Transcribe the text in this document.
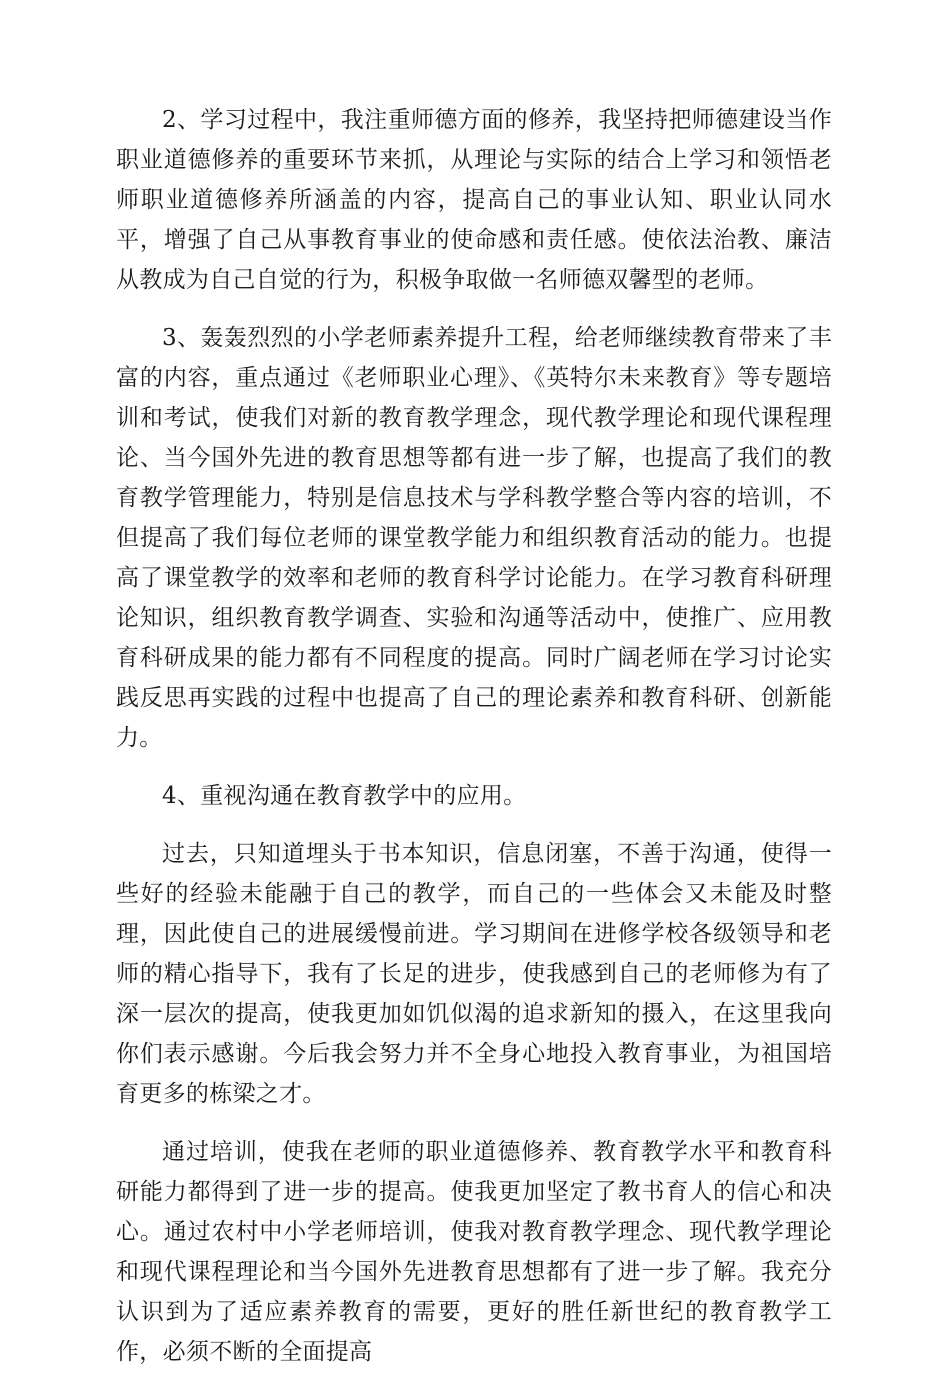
2、学习过程中，我注重师德方面的修养，我坚持把师德建设当作职业道德修养的重要环节来抓，从理论与实际的结合上学习和领悟老师职业道德修养所涵盖的内容，提高自己的事业认知、职业认同水平，增强了自己从事教育事业的使命感和责任感。使依法治教、廉洁从教成为自己自觉的行为，积极争取做一名师德双馨型的老师。

3、轰轰烈烈的小学老师素养提升工程，给老师继续教育带来了丰富的内容，重点通过《老师职业心理》、《英特尔未来教育》等专题培训和考试，使我们对新的教育教学理念，现代教学理论和现代课程理论、当今国外先进的教育思想等都有进一步了解，也提高了我们的教育教学管理能力，特别是信息技术与学科教学整合等内容的培训，不但提高了我们每位老师的课堂教学能力和组织教育活动的能力。也提高了课堂教学的效率和老师的教育科学讨论能力。在学习教育科研理论知识，组织教育教学调查、实验和沟通等活动中，使推广、应用教育科研成果的能力都有不同程度的提高。同时广阔老师在学习讨论实践反思再实践的过程中也提高了自己的理论素养和教育科研、创新能力。

4、重视沟通在教育教学中的应用。

过去，只知道埋头于书本知识，信息闭塞，不善于沟通，使得一些好的经验未能融于自己的教学，而自己的一些体会又未能及时整理，因此使自己的进展缓慢前进。学习期间在进修学校各级领导和老师的精心指导下，我有了长足的进步，使我感到自己的老师修为有了深一层次的提高，使我更加如饥似渴的追求新知的摄入，在这里我向你们表示感谢。今后我会努力并不全身心地投入教育事业，为祖国培育更多的栋梁之才。

通过培训，使我在老师的职业道德修养、教育教学水平和教育科研能力都得到了进一步的提高。使我更加坚定了教书育人的信心和决心。通过农村中小学老师培训，使我对教育教学理念、现代教学理论和现代课程理论和当今国外先进教育思想都有了进一步了解。我充分认识到为了适应素养教育的需要，更好的胜任新世纪的教育教学工作，必须不断的全面提高
